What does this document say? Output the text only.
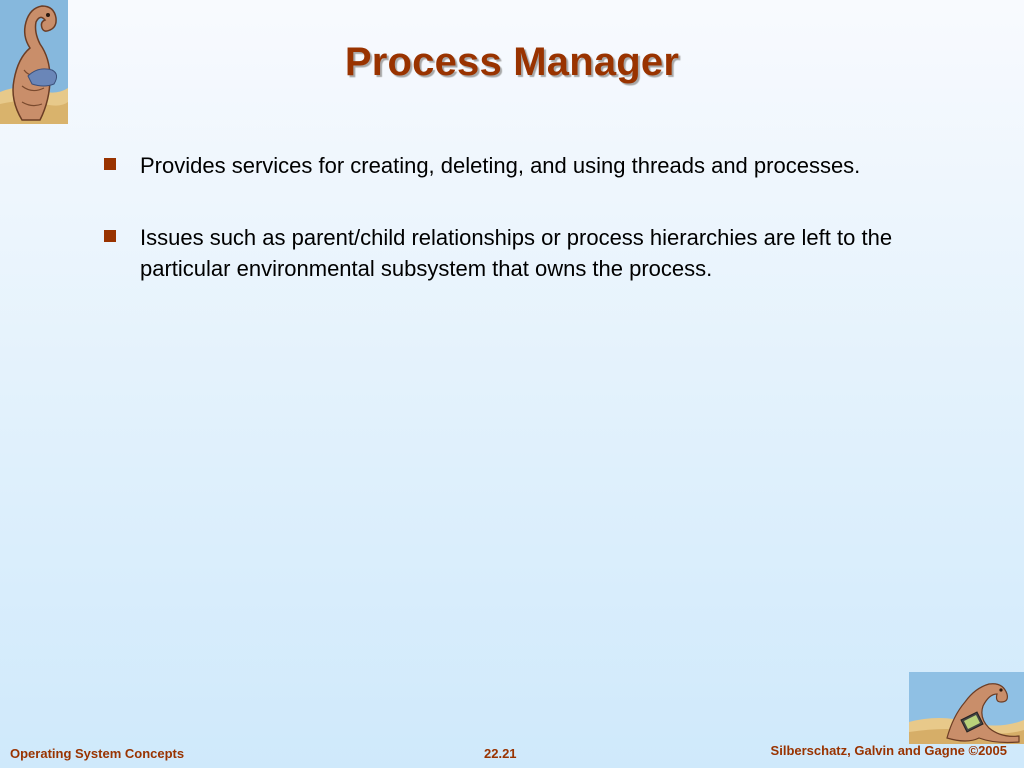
Process Manager
Provides services for creating, deleting, and using threads and processes.
Issues such as parent/child relationships or process hierarchies are left to the particular environmental subsystem that owns the process.
Operating System Concepts	22.21	Silberschatz, Galvin and Gagne ©2005
